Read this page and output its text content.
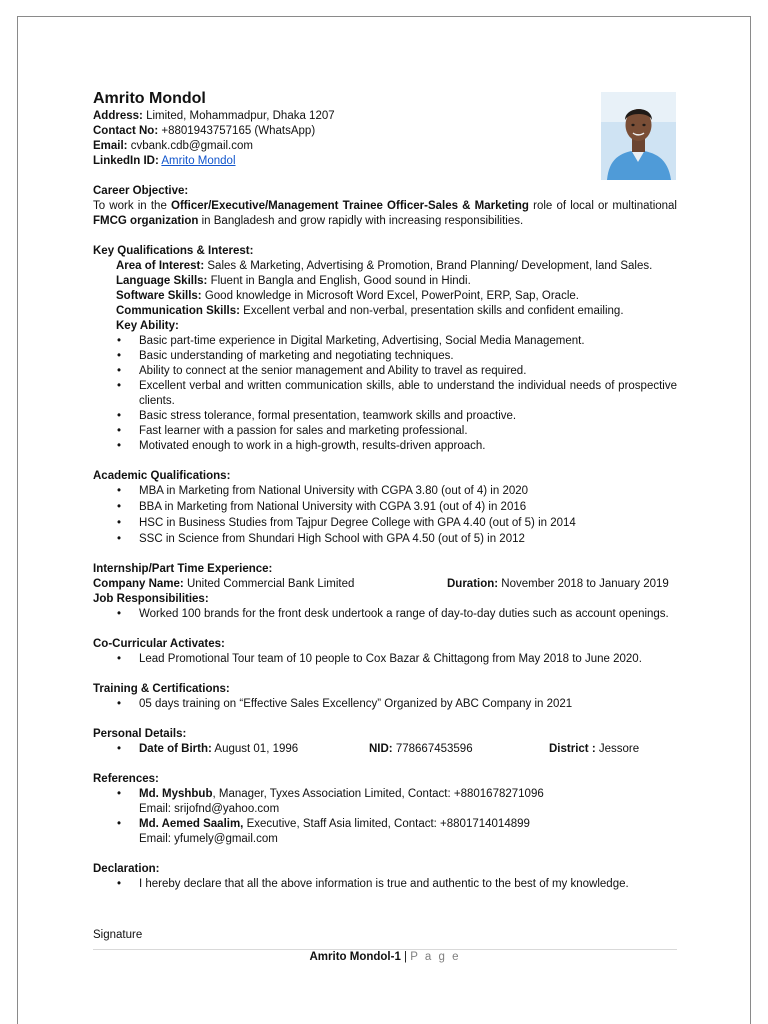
Amrito Mondol
Address: Limited, Mohammadpur, Dhaka 1207
Contact No: +8801943757165 (WhatsApp)
Email: cvbank.cdb@gmail.com
LinkedIn ID: Amrito Mondol
Career Objective:
To work in the Officer/Executive/Management Trainee Officer-Sales & Marketing role of local or multinational FMCG organization in Bangladesh and grow rapidly with increasing responsibilities.
Key Qualifications & Interest:
Area of Interest: Sales & Marketing, Advertising & Promotion, Brand Planning/ Development, land Sales.
Language Skills: Fluent in Bangla and English, Good sound in Hindi.
Software Skills: Good knowledge in Microsoft Word Excel, PowerPoint, ERP, Sap, Oracle.
Communication Skills: Excellent verbal and non-verbal, presentation skills and confident emailing.
Key Ability:
• Basic part-time experience in Digital Marketing, Advertising, Social Media Management.
• Basic understanding of marketing and negotiating techniques.
• Ability to connect at the senior management and Ability to travel as required.
• Excellent verbal and written communication skills, able to understand the individual needs of prospective clients.
• Basic stress tolerance, formal presentation, teamwork skills and proactive.
• Fast learner with a passion for sales and marketing professional.
• Motivated enough to work in a high-growth, results-driven approach.
Academic Qualifications:
• MBA in Marketing from National University with CGPA 3.80 (out of 4) in 2020
• BBA in Marketing from National University with CGPA 3.91 (out of 4) in 2016
• HSC in Business Studies from Tajpur Degree College with GPA 4.40 (out of 5) in 2014
• SSC in Science from Shundari High School with GPA 4.50 (out of 5) in 2012
Internship/Part Time Experience:
Company Name: United Commercial Bank Limited	Duration: November 2018 to January 2019
Job Responsibilities:
• Worked 100 brands for the front desk undertook a range of day-to-day duties such as account openings.
Co-Curricular Activates:
• Lead Promotional Tour team of 10 people to Cox Bazar & Chittagong from May 2018 to June 2020.
Training & Certifications:
• 05 days training on “Effective Sales Excellency” Organized by ABC Company in 2021
Personal Details:
• Date of Birth: August 01, 1996	NID: 778667453596	District : Jessore
References:
• Md. Myshbub, Manager, Tyxes Association Limited, Contact: +8801678271096
Email: srijofnd@yahoo.com
• Md. Aemed Saalim, Executive, Staff Asia limited, Contact: +8801714014899
Email: yfumely@gmail.com
Declaration:
• I hereby declare that all the above information is true and authentic to the best of my knowledge.
Signature
Amrito Mondol-1 | P a g e
